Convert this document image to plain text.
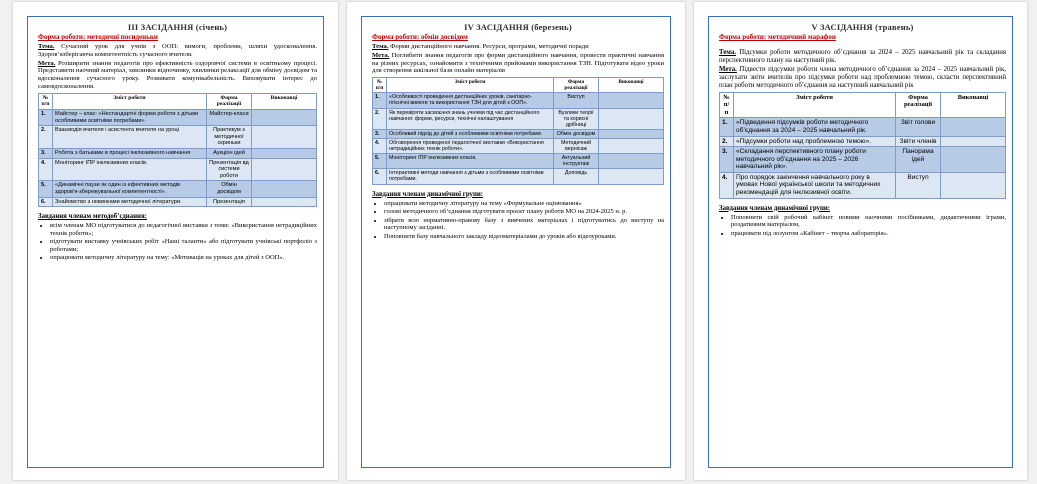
ІІІ ЗАСІДАННЯ (січень)
Форма роботи: методичні посиденьки

Тема. Сучасний урок для учнів з ООП: вимоги, проблеми, шляхи удосконалення. Здоров’язберігаюча компетентність сучасного вчителя.

Мета. Розширити знання педагогів про ефективність оздоровчої системи в освітньому процесі. Представити наочний матеріал, хвилинки відпочинку, хвилинки релаксації для обміну досвідом та вдосконалення сучасного уроку. Розвивати комунікабельність. Виховувати інтерес до самовдосконалення.

№ п/п	Зміст роботи	Форма реалізації	Виконавці
1.	Майстер – клас: «Нестандартні форми роботи з дітьми особливими освітніми потребами»	Майстер-класи	
2.	Взаємодія вчителя і асистента вчителя на уроці	Практикум з методичної скриньки	
3.	Робота з батьками в процесі інклюзивного навчання	Аукціон ідей	
4.	Моніторинг ІПР інклюзивних класів.	Презентація вд системи роботи	
5.	«Динамічні паузи як один із ефективних методів здоров’я-збережувальної компетентності».	Обмін досвідом	
6.	Знайомство з новинками методичної літератури.	Презентація	
Завдання членам методоб’єднання:
• всім членам МО підготуватися до педагогічної виставки з теми: «Використання нетрадиційних технік роботи»;
• підготувати виставку учнівських робіт «Наші таланти» або підготувати учнівські портфоліо з роботами;
• опрацювати методичну літературу на тему: «Мотивація на уроках для дітей з ООП».
IV ЗАСІДАННЯ (березень)
Форма роботи: обмін досвідом

Тема. Форми дистанційного навчання. Ресурси, програми, методичні поради

Мета. Поглибити знання педагогів про форми дистанційного навчання, провести практичні навчання на різних ресурсах, ознайомити з технічними прийомами використання ТЗН. Підготувати відео уроки для створення шкільної бази онлайн матеріалів

№ п/п	Зміст роботи	Форма реалізації	Виконавці
1.	«Особливості проведення дистанційних уроків, санітарно-гігієнічні вимоги та використання ТЗН для дітей з ООП».	Виступ	
2.	Як перевіряти засвоєння знань учнями під час дистанційного навчання: форми, ресурси, технічні налаштування	Вузлики теорії та корисні дрібниці	
3.	Особливий підхід до дітей з особливими освітніми потребами.	Обмін досвідом	
4.	Обговорення проведеної педагогічної виставки «Використання нетрадиційних технік роботи».	Методичний вернісаж	
5.	Моніторинг ІПР інклюзивних класів.	Актуальний інструктаж	
6.	Інтерактивні методи навчання з дітьми з особливими освітніми потребами.	Доповідь	
Завдання членам динамічної групи:
• опрацювати методичну літературу на тему «Формувальне оцінювання»
• голові методичного об’єднання підготувати проєкт плану роботи МО на 2024-2025 н. р.
• зібрати всю нормативно-правову базу з вивчених матеріалах і підготуватись до виступу на наступному засіданні.
• Поповнити базу навчального закладу відеоматеріалами до уроків або відеоуроками.
V ЗАСІДАННЯ (травень)
Форма роботи: методичний марафон

Тема. Підсумки роботи методичного об’єднання за 2024 – 2025 навчальний рік та складання перспективного плану на наступний рік.

Мета. Підвести підсумки роботи члена методичного об’єднання за 2024 – 2025 навчальний рік, заслухати звіти вчителів про підсумки роботи над проблемною темою, скласти перспективний план роботи методичного об’єднання на наступний навчальний рік

№ п/п	Зміст роботи	Форма реалізації	Виконавці
1.	«Підведення підсумків роботи методичного об’єднання за 2024 – 2025 навчальний рік.	Звіт голови	
2.	«Підсумки роботи над проблемною темою».	Звіти членів	
3.	«Складання перспективного плану роботи методичного об’єднання на 2025 – 2026 навчальний рік».	Панорама ідей	
4.	Про порядок закінчення навчального року в умовах Нової української школи та методичних рекомендацій для інклюзивної освіти.	Виступ	
Завдання членам динамічної групи:
• Поповнити свій робочий кабінет новими наочними посібниками, дидактичними іграми, роздатковим матеріалом,
• працювати під лозунгом «Кабінет – творча лабораторія».
